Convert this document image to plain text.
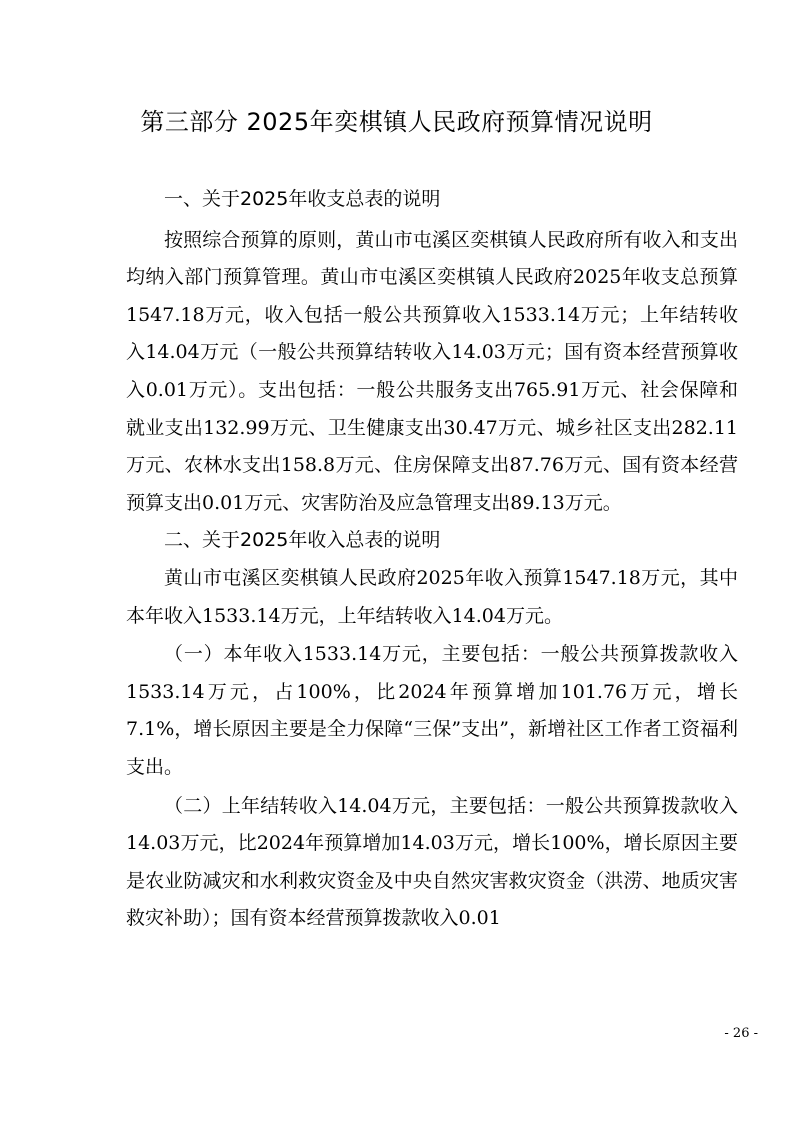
第三部分 2025年奕棋镇人民政府预算情况说明
一、关于2025年收支总表的说明

按照综合预算的原则，黄山市屯溪区奕棋镇人民政府所有收入和支出均纳入部门预算管理。黄山市屯溪区奕棋镇人民政府2025年收支总预算1547.18万元，收入包括一般公共预算收入1533.14万元；上年结转收入14.04万元（一般公共预算结转收入14.03万元；国有资本经营预算收入0.01万元）。支出包括：一般公共服务支出765.91万元、社会保障和就业支出132.99万元、卫生健康支出30.47万元、城乡社区支出282.11万元、农林水支出158.8万元、住房保障支出87.76万元、国有资本经营预算支出0.01万元、灾害防治及应急管理支出89.13万元。

二、关于2025年收入总表的说明

黄山市屯溪区奕棋镇人民政府2025年收入预算1547.18万元，其中本年收入1533.14万元，上年结转收入14.04万元。

（一）本年收入1533.14万元，主要包括：一般公共预算拨款收入1533.14万元，占100%，比2024年预算增加101.76万元，增长7.1%，增长原因主要是全力保障“三保”支出”，新增社区工作者工资福利支出。

（二）上年结转收入14.04万元，主要包括：一般公共预算拨款收入14.03万元，比2024年预算增加14.03万元，增长100%，增长原因主要是农业防减灾和水利救灾资金及中央自然灾害救灾资金（洪涝、地质灾害救灾补助）；国有资本经营预算拨款收入0.01

- 26 -
